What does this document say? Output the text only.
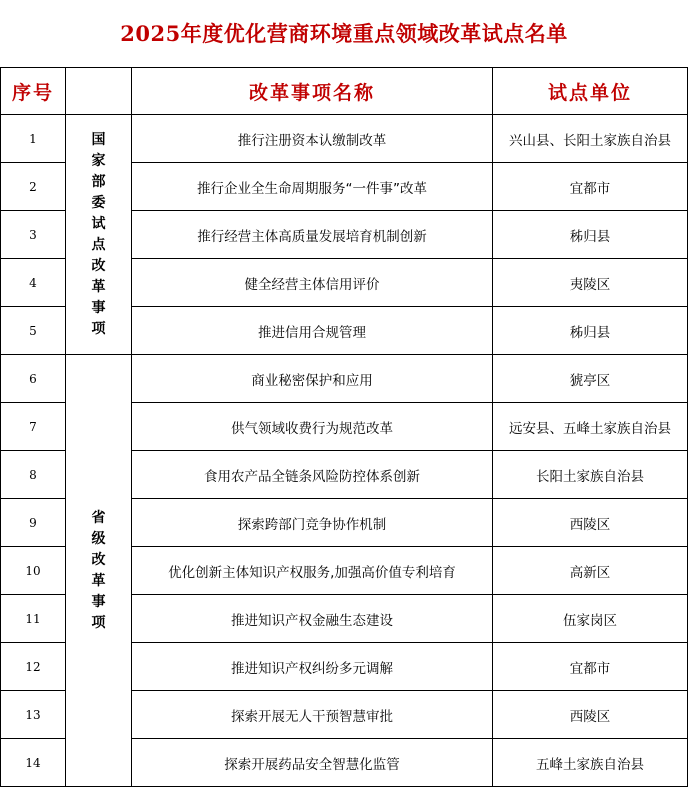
2025年度优化营商环境重点领域改革试点名单
序号		改革事项名称	试点单位
1	国家部委试点改革事项	推行注册资本认缴制改革	兴山县、长阳土家族自治县
2		推行企业全生命周期服务“一件事”改革	宜都市
3		推行经营主体高质量发展培育机制创新	秭归县
4		健全经营主体信用评价	夷陵区
5		推进信用合规管理	秭归县
6	省级改革事项	商业秘密保护和应用	猇亭区
7		供气领域收费行为规范改革	远安县、五峰土家族自治县
8		食用农产品全链条风险防控体系创新	长阳土家族自治县
9		探索跨部门竞争协作机制	西陵区
10		优化创新主体知识产权服务,加强高价值专利培育	高新区
11		推进知识产权金融生态建设	伍家岗区
12		推进知识产权纠纷多元调解	宜都市
13		探索开展无人干预智慧审批	西陵区
14		探索开展药品安全智慧化监管	五峰土家族自治县
